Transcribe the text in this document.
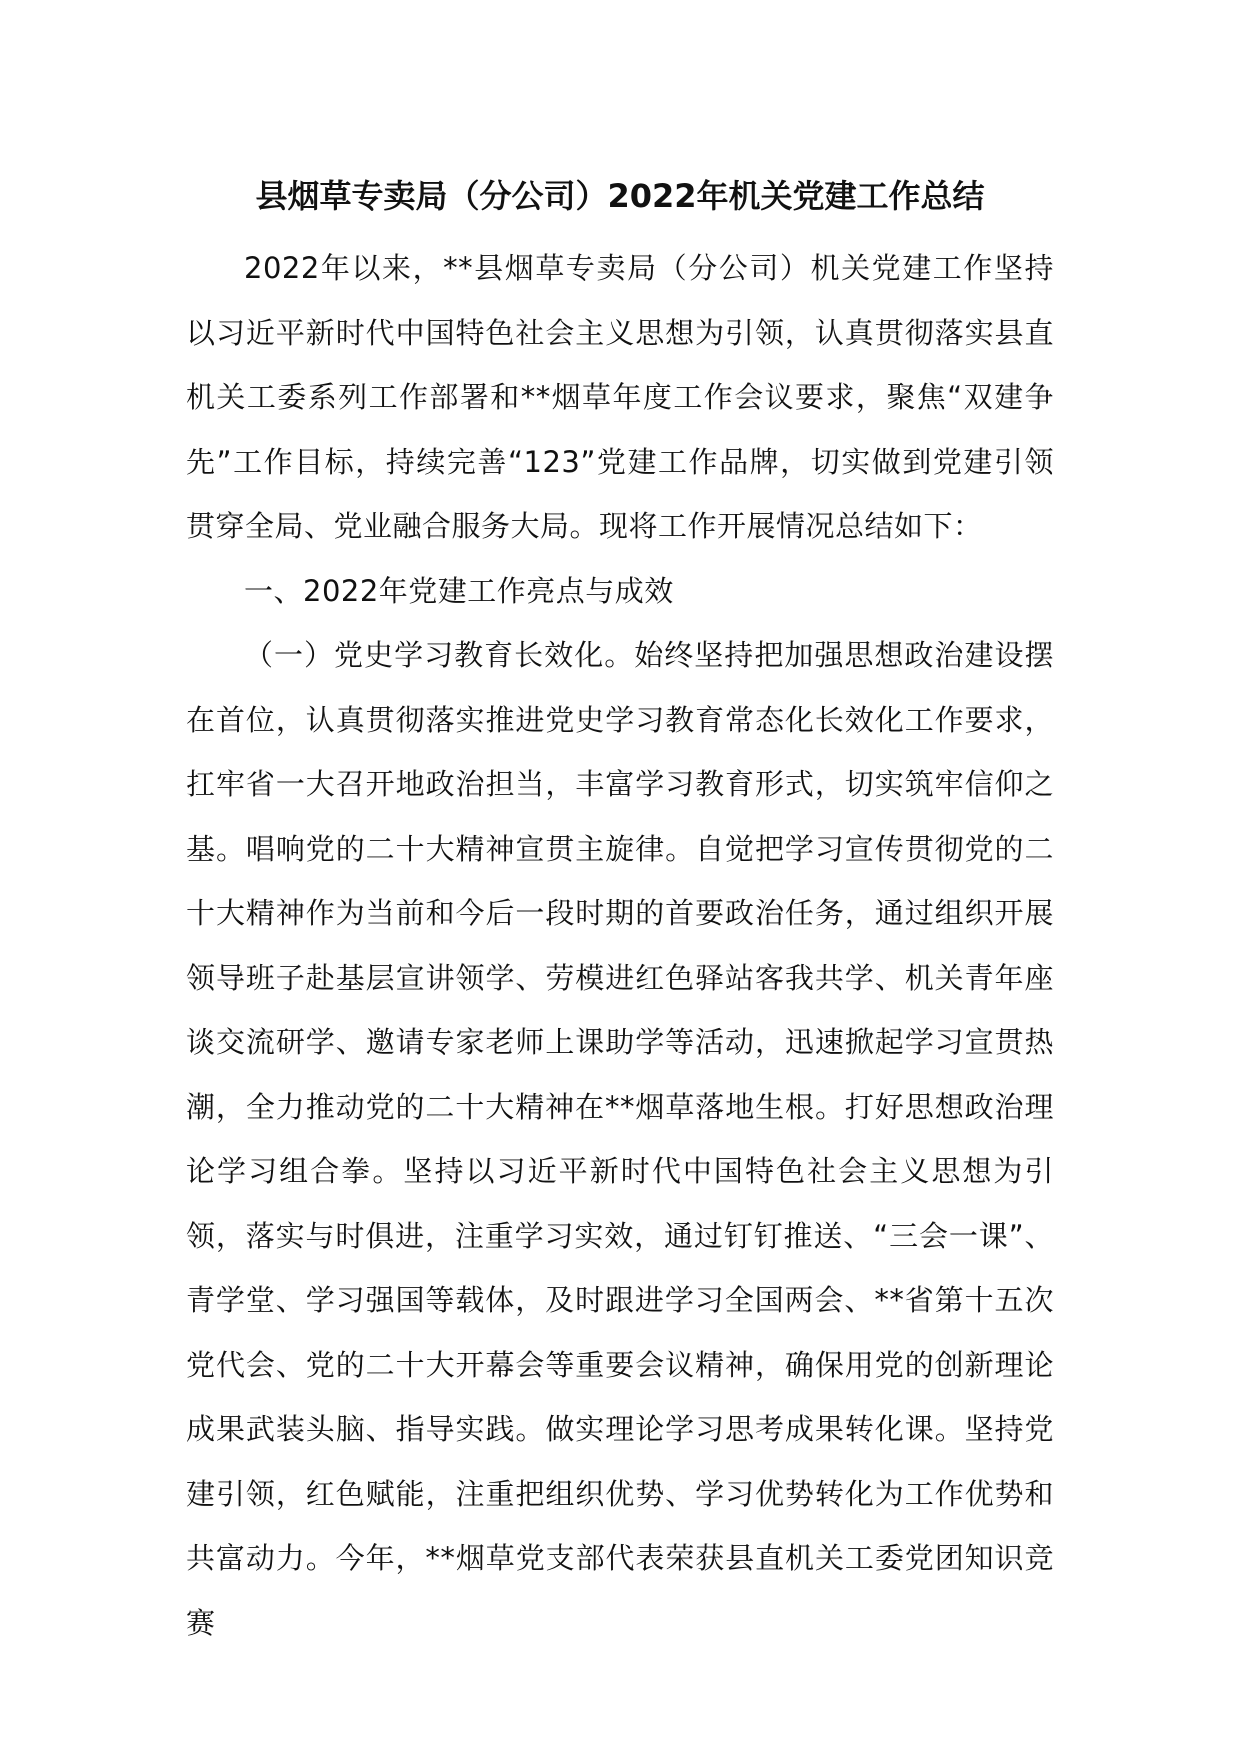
县烟草专卖局（分公司）2022年机关党建工作总结

2022年以来，**县烟草专卖局（分公司）机关党建工作坚持以习近平新时代中国特色社会主义思想为引领，认真贯彻落实县直机关工委系列工作部署和**烟草年度工作会议要求，聚焦“双建争先”工作目标，持续完善“123”党建工作品牌，切实做到党建引领贯穿全局、党业融合服务大局。现将工作开展情况总结如下：

一、2022年党建工作亮点与成效

（一）党史学习教育长效化。始终坚持把加强思想政治建设摆在首位，认真贯彻落实推进党史学习教育常态化长效化工作要求，扛牢省一大召开地政治担当，丰富学习教育形式，切实筑牢信仰之基。唱响党的二十大精神宣贯主旋律。自觉把学习宣传贯彻党的二十大精神作为当前和今后一段时期的首要政治任务，通过组织开展领导班子赴基层宣讲领学、劳模进红色驿站客我共学、机关青年座谈交流研学、邀请专家老师上课助学等活动，迅速掀起学习宣贯热潮，全力推动党的二十大精神在**烟草落地生根。打好思想政治理论学习组合拳。坚持以习近平新时代中国特色社会主义思想为引领，落实与时俱进，注重学习实效，通过钉钉推送、“三会一课”、青学堂、学习强国等载体，及时跟进学习全国两会、**省第十五次党代会、党的二十大开幕会等重要会议精神，确保用党的创新理论成果武装头脑、指导实践。做实理论学习思考成果转化课。坚持党建引领，红色赋能，注重把组织优势、学习优势转化为工作优势和共富动力。今年，**烟草党支部代表荣获县直机关工委党团知识竞赛
